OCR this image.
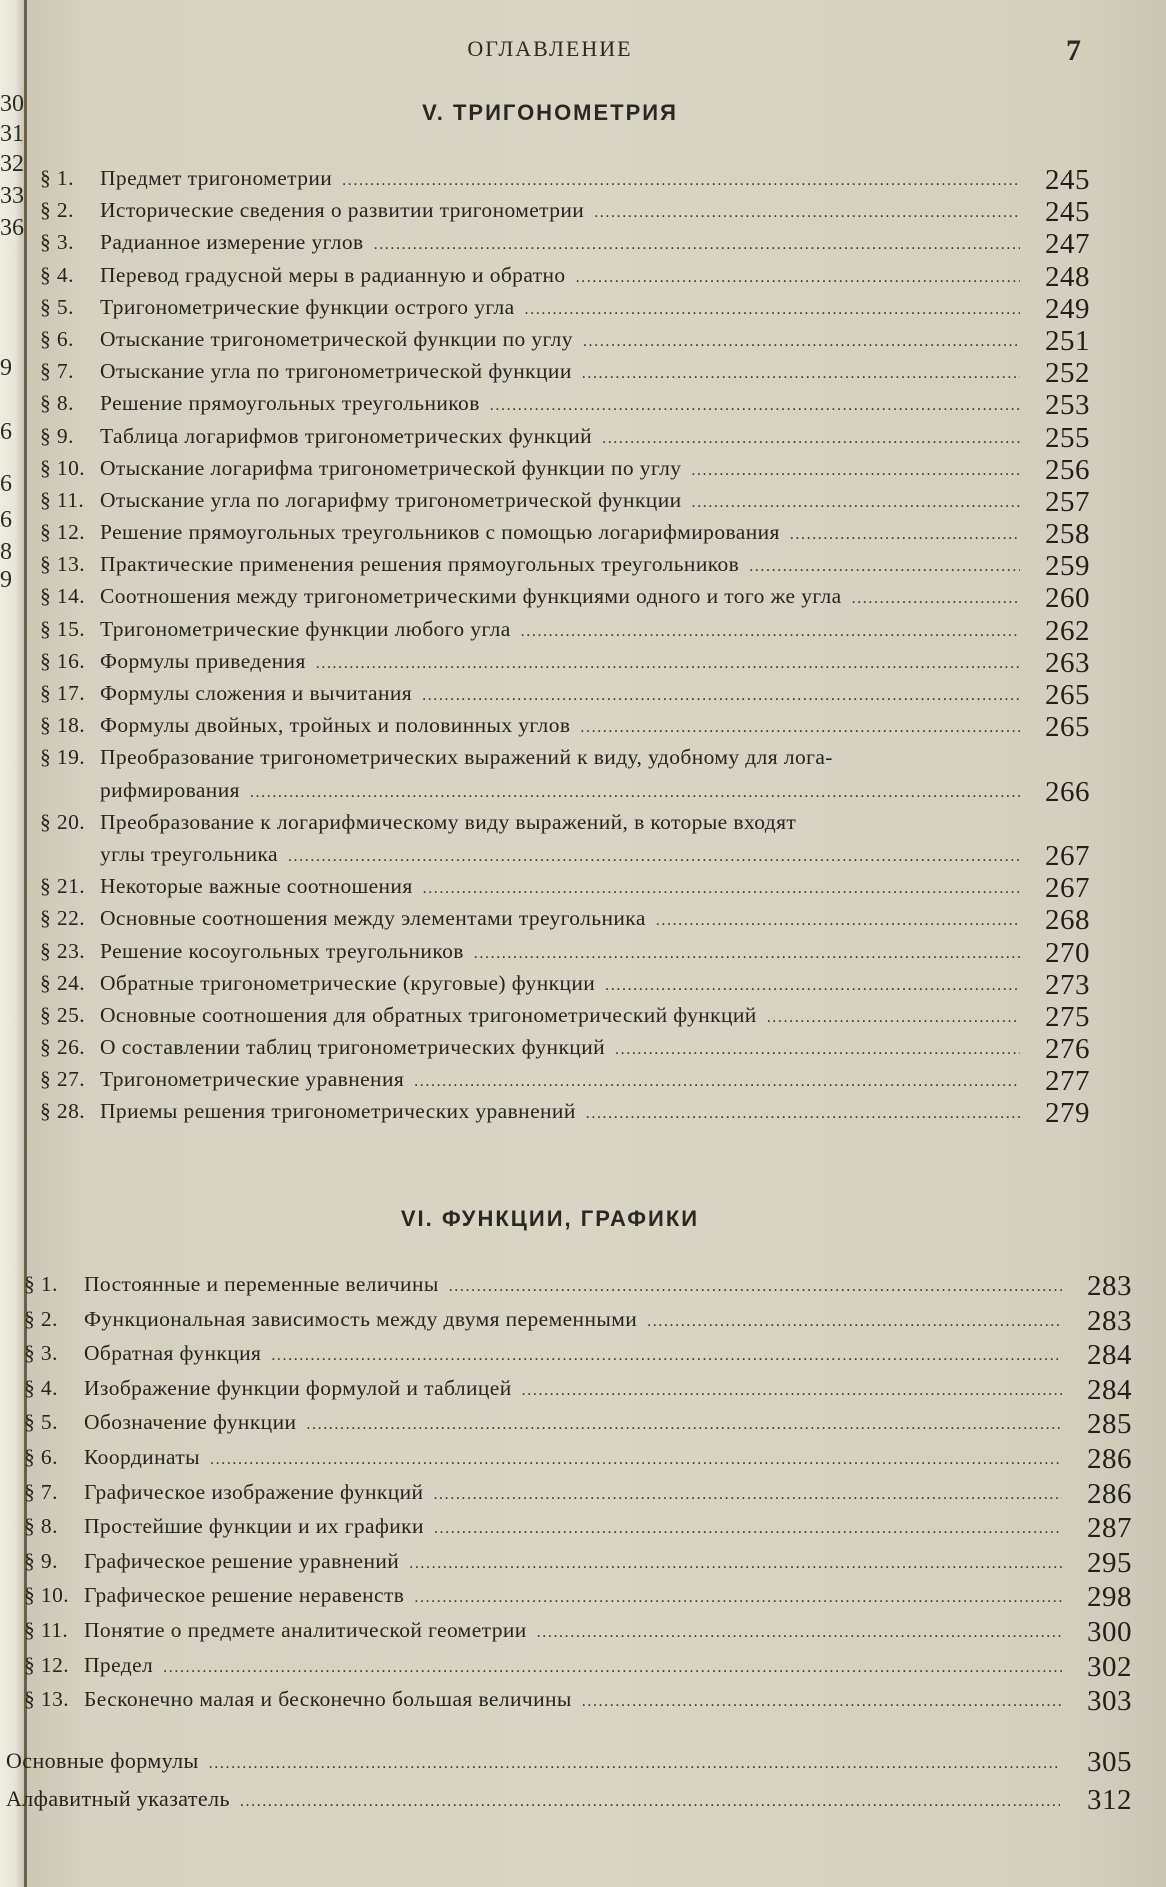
30
31
32
33
36
9
6
6
6
8
9
ОГЛАВЛЕНИЕ	7
V. ТРИГОНОМЕТРИЯ
§ 1.	Предмет тригонометрии .....	245
§ 2.	Исторические сведения о развитии тригонометрии .....	245
§ 3.	Радианное измерение углов .....	247
§ 4.	Перевод градусной меры в радианную и обратно .....	248
§ 5.	Тригонометрические функции острого угла .....	249
§ 6.	Отыскание тригонометрической функции по углу .....	251
§ 7.	Отыскание угла по тригонометрической функции .....	252
§ 8.	Решение прямоугольных треугольников .....	253
§ 9.	Таблица логарифмов тригонометрических функций .....	255
§ 10. Отыскание логарифма тригонометрической функции по углу .....	256
§ 11. Отыскание угла по логарифму тригонометрической функции .....	257
§ 12. Решение прямоугольных треугольников с помощью логарифмирования .....	258
§ 13. Практические применения решения прямоугольных треугольников .....	259
§ 14. Соотношения между тригонометрическими функциями одного и того же угла .....	260
§ 15. Тригонометрические функции любого угла .....	262
§ 16. Формулы приведения .....	263
§ 17. Формулы сложения и вычитания .....	265
§ 18. Формулы двойных, тройных и половинных углов .....	265
§ 19. Преобразование тригонометрических выражений к виду, удобному для лога-
рифмирования .....	266
§ 20. Преобразование к логарифмическому виду выражений, в которые входят
углы треугольника .....	267
§ 21. Некоторые важные соотношения .....	267
§ 22. Основные соотношения между элементами треугольника .....	268
§ 23. Решение косоугольных треугольников .....	270
§ 24. Обратные тригонометрические (круговые) функции .....	273
§ 25. Основные соотношения для обратных тригонометрический функций .....	275
§ 26. О составлении таблиц тригонометрических функций .....	276
§ 27. Тригонометрические уравнения .....	277
§ 28. Приемы решения тригонометрических уравнений .....	279
VI. ФУНКЦИИ, ГРАФИКИ
§ 1.	Постоянные и переменные величины .....	283
§ 2.	Функциональная зависимость между двумя переменными .....	283
§ 3.	Обратная функция .....	284
§ 4.	Изображение функции формулой и таблицей .....	284
§ 5.	Обозначение функции .....	285
§ 6.	Координаты .....	286
§ 7.	Графическое изображение функций .....	286
§ 8.	Простейшие функции и их графики .....	287
§ 9.	Графическое решение уравнений .....	295
§ 10. Графическое решение неравенств .....	298
§ 11. Понятие о предмете аналитической геометрии .....	300
§ 12. Предел .....	302
§ 13. Бесконечно малая и бесконечно большая величины .....	303
Основные формулы .....	305
Алфавитный указатель .....	312
